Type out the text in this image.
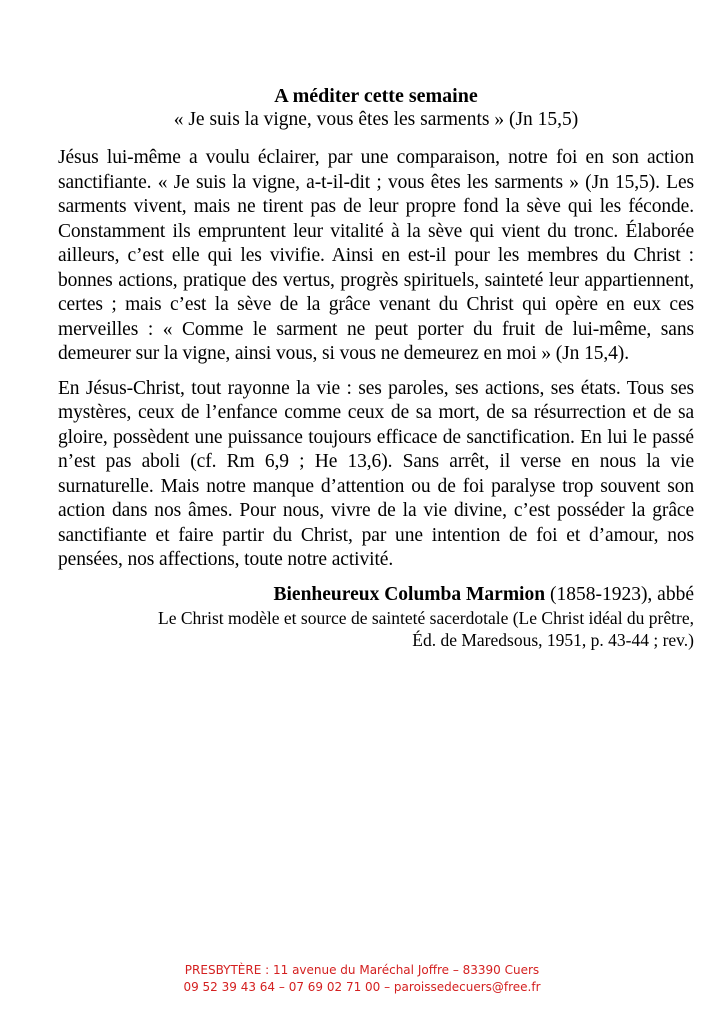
A méditer cette semaine

« Je suis la vigne, vous êtes les sarments » (Jn 15,5)

Jésus lui-même a voulu éclairer, par une comparaison, notre foi en son action sanctifiante. « Je suis la vigne, a-t-il-dit ; vous êtes les sarments » (Jn 15,5). Les sarments vivent, mais ne tirent pas de leur propre fond la sève qui les féconde. Constamment ils empruntent leur vitalité à la sève qui vient du tronc. Élaborée ailleurs, c’est elle qui les vivifie. Ainsi en est-il pour les membres du Christ : bonnes actions, pratique des vertus, progrès spirituels, sainteté leur appartiennent, certes ; mais c’est la sève de la grâce venant du Christ qui opère en eux ces merveilles : « Comme le sarment ne peut porter du fruit de lui-même, sans demeurer sur la vigne, ainsi vous, si vous ne demeurez en moi » (Jn 15,4).

En Jésus-Christ, tout rayonne la vie : ses paroles, ses actions, ses états. Tous ses mystères, ceux de l’enfance comme ceux de sa mort, de sa résurrection et de sa gloire, possèdent une puissance toujours efficace de sanctification. En lui le passé n’est pas aboli (cf. Rm 6,9 ; He 13,6). Sans arrêt, il verse en nous la vie surnaturelle. Mais notre manque d’attention ou de foi paralyse trop souvent son action dans nos âmes. Pour nous, vivre de la vie divine, c’est posséder la grâce sanctifiante et faire partir du Christ, par une intention de foi et d’amour, nos pensées, nos affections, toute notre activité.

Bienheureux Columba Marmion (1858-1923), abbé

Le Christ modèle et source de sainteté sacerdotale (Le Christ idéal du prêtre, Éd. de Maredsous, 1951, p. 43-44 ; rev.)

PRESBYTÈRE : 11 avenue du Maréchal Joffre – 83390 Cuers
09 52 39 43 64 – 07 69 02 71 00 – paroissedecuers@free.fr
